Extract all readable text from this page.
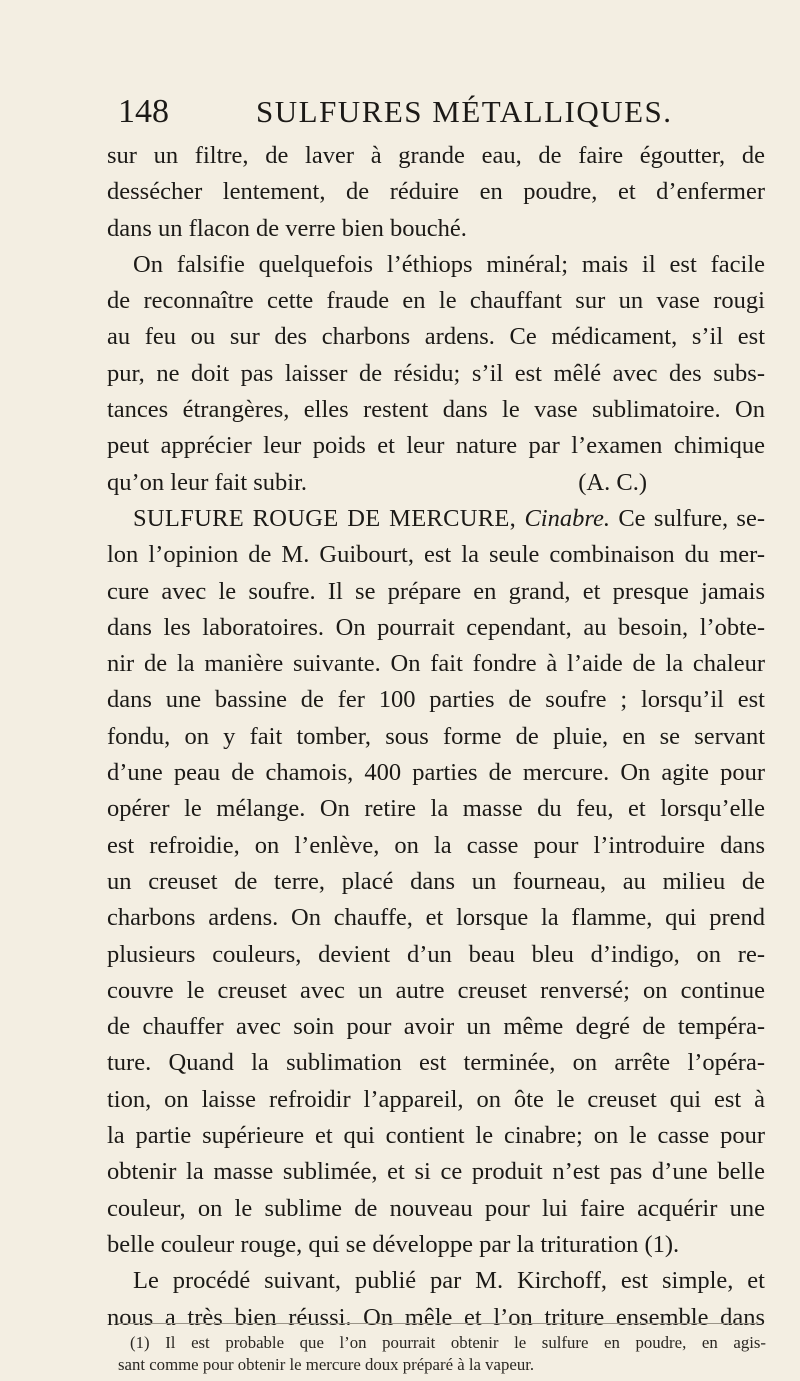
148	SULFURES MÉTALLIQUES.
sur un filtre, de laver à grande eau, de faire égoutter, de
dessécher lentement, de réduire en poudre, et d’enfermer
dans un flacon de verre bien bouché.
On falsifie quelquefois l’éthiops minéral; mais il est facile
de reconnaître cette fraude en le chauffant sur un vase rougi
au feu ou sur des charbons ardens. Ce médicament, s’il est
pur, ne doit pas laisser de résidu; s’il est mêlé avec des subs-
tances étrangères, elles restent dans le vase sublimatoire. On
peut apprécier leur poids et leur nature par l’examen chimique
qu’on leur fait subir.	(A. C.)
SULFURE ROUGE DE MERCURE, Cinabre. Ce sulfure, se-
lon l’opinion de M. Guibourt, est la seule combinaison du mer-
cure avec le soufre. Il se prépare en grand, et presque jamais
dans les laboratoires. On pourrait cependant, au besoin, l’obte-
nir de la manière suivante. On fait fondre à l’aide de la chaleur
dans une bassine de fer 100 parties de soufre ; lorsqu’il est
fondu, on y fait tomber, sous forme de pluie, en se servant
d’une peau de chamois, 400 parties de mercure. On agite pour
opérer le mélange. On retire la masse du feu, et lorsqu’elle
est refroidie, on l’enlève, on la casse pour l’introduire dans
un creuset de terre, placé dans un fourneau, au milieu de
charbons ardens. On chauffe, et lorsque la flamme, qui prend
plusieurs couleurs, devient d’un beau bleu d’indigo, on re-
couvre le creuset avec un autre creuset renversé; on continue
de chauffer avec soin pour avoir un même degré de tempéra-
ture. Quand la sublimation est terminée, on arrête l’opéra-
tion, on laisse refroidir l’appareil, on ôte le creuset qui est à
la partie supérieure et qui contient le cinabre; on le casse pour
obtenir la masse sublimée, et si ce produit n’est pas d’une belle
couleur, on le sublime de nouveau pour lui faire acquérir une
belle couleur rouge, qui se développe par la trituration (1).
Le procédé suivant, publié par M. Kirchoff, est simple, et
nous a très bien réussi. On mêle et l’on triture ensemble dans
(1) Il est probable que l’on pourrait obtenir le sulfure en poudre, en agis-
sant comme pour obtenir le mercure doux préparé à la vapeur.
